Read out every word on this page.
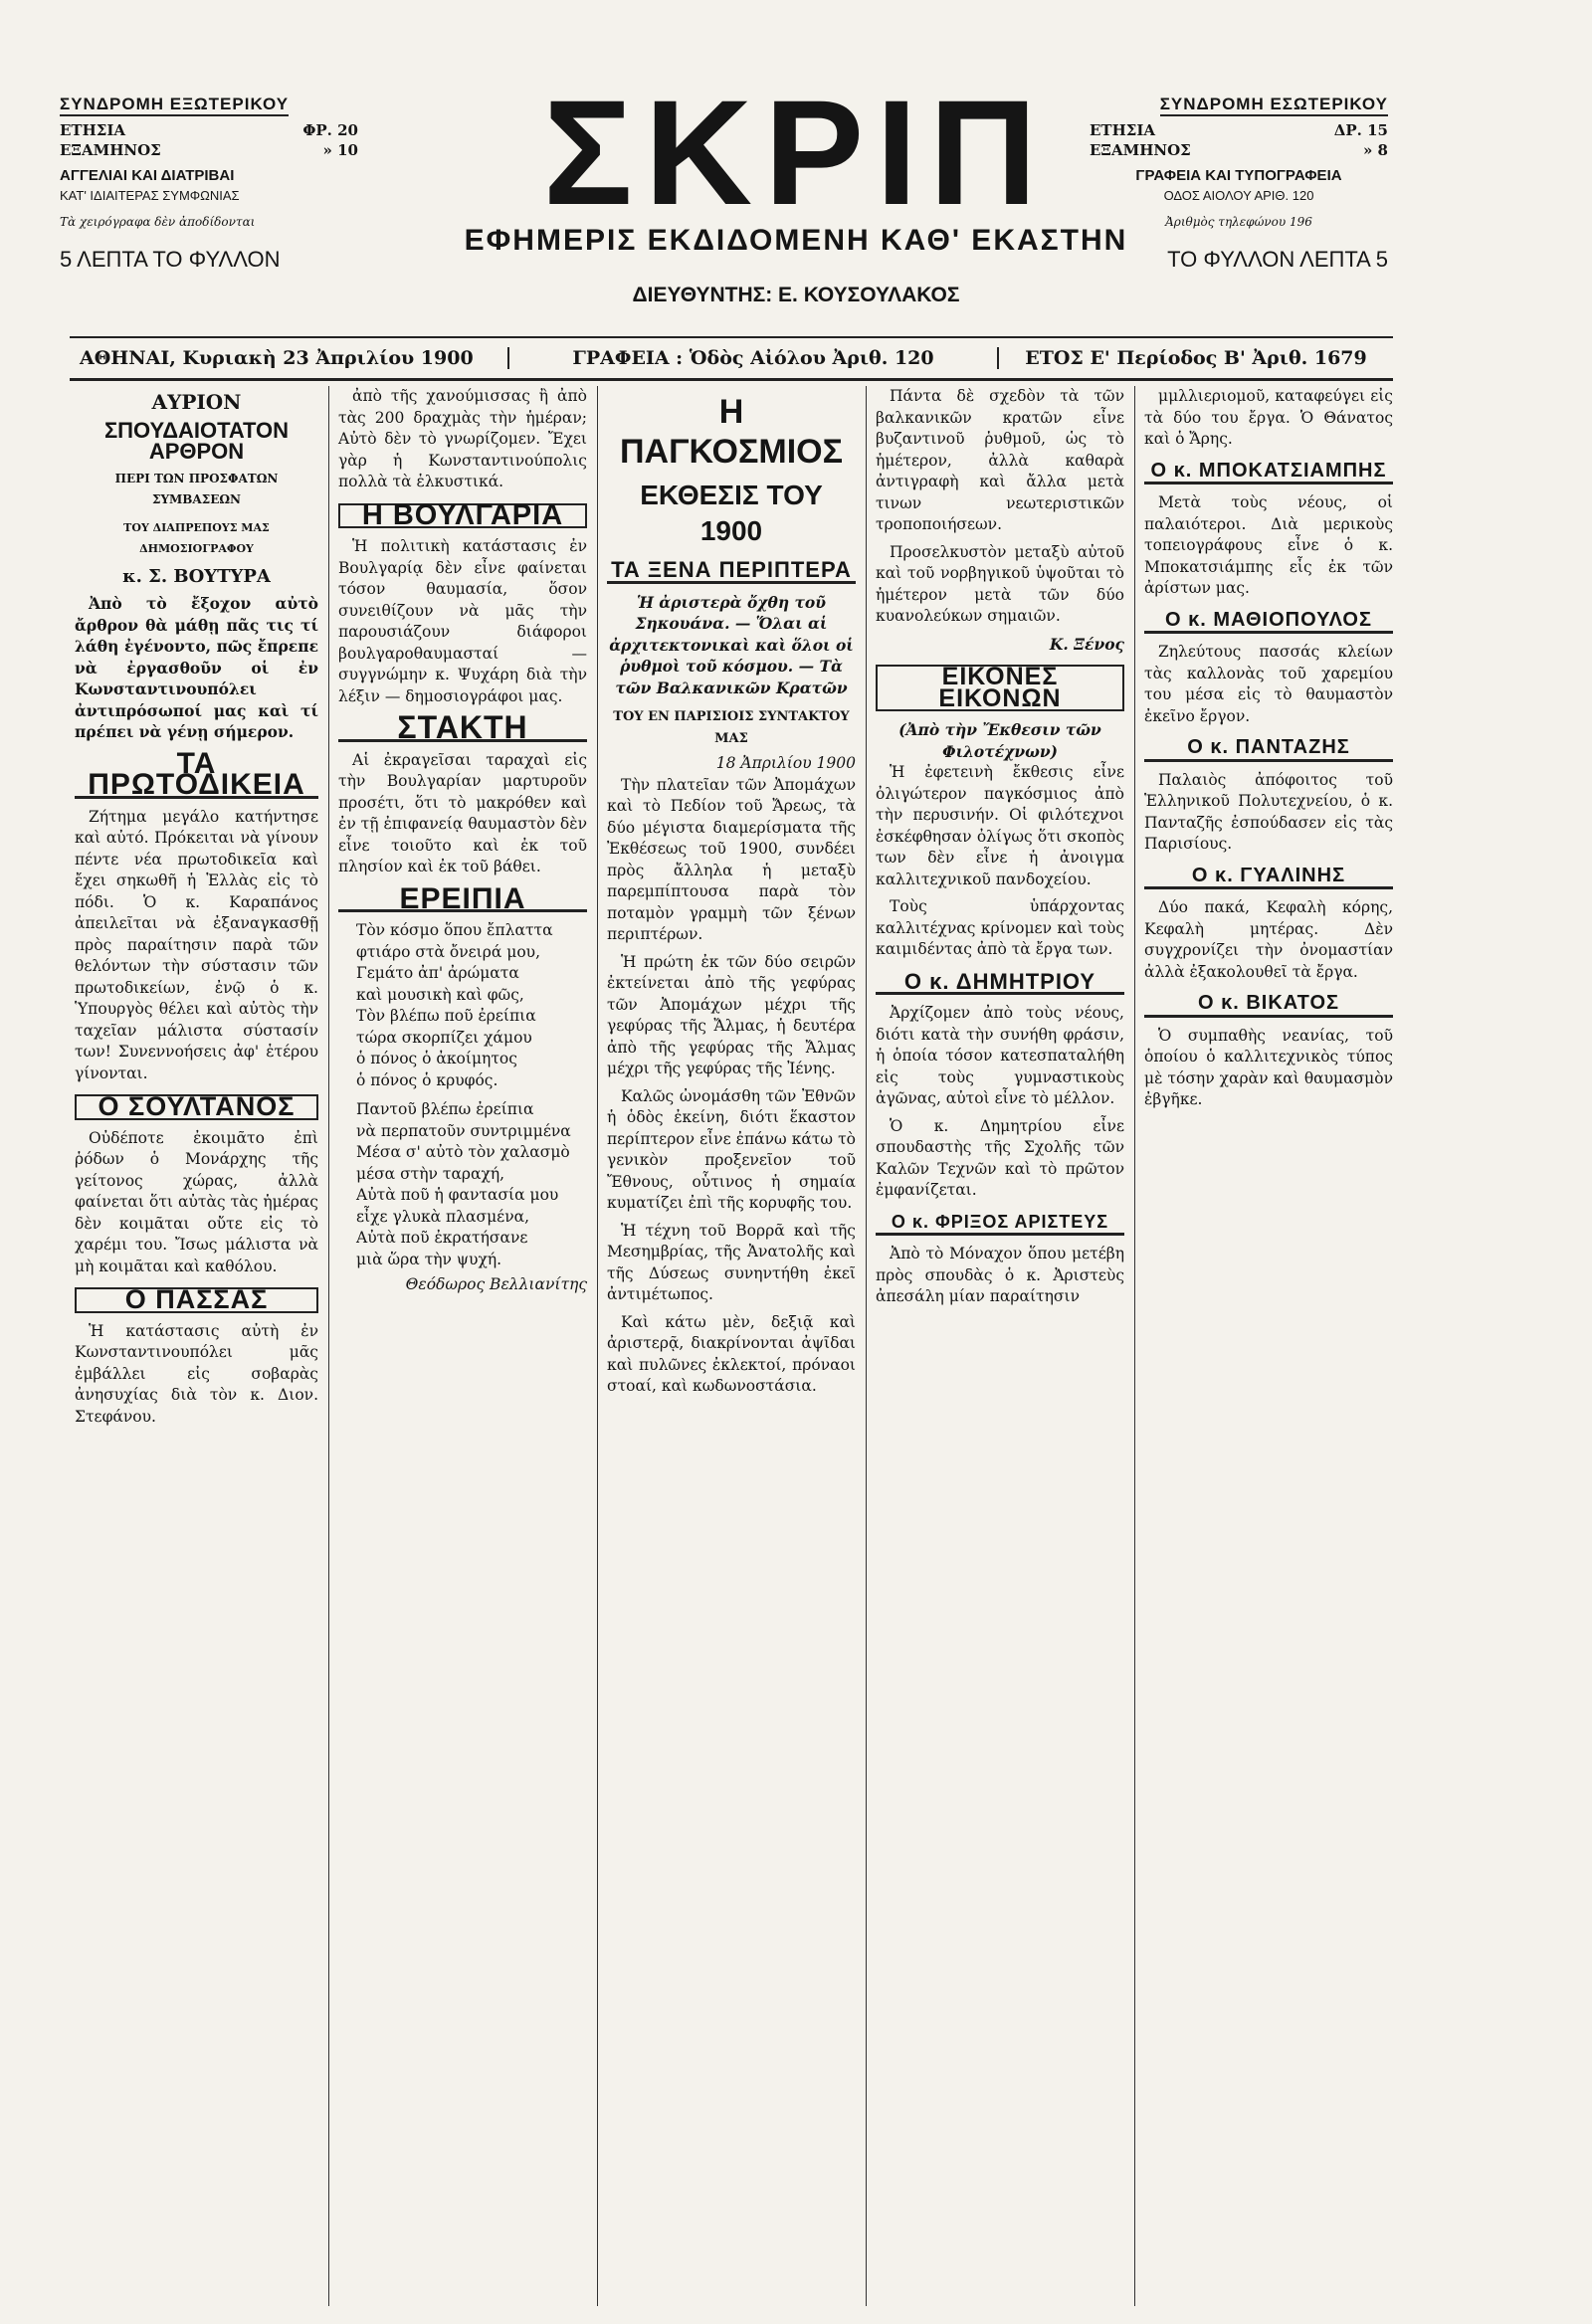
ΣΥΝΔΡΟΜΗ ΕΞΩΤΕΡΙΚΟΥ
ΕΤΗΣΙΑ	ΦΡ. 20
ΕΞΑΜΗΝΟΣ	» 10
ΑΓΓΕΛΙΑΙ ΚΑΙ ΔΙΑΤΡΙΒΑΙ
ΚΑΤ' ΙΔΙΑΙΤΕΡΑΣ ΣΥΜΦΩΝΙΑΣ
Τὰ χειρόγραφα δὲν ἀποδίδονται
5 ΛΕΠΤΑ ΤΟ ΦΥΛΛΟΝ
ΣΚΡΙΠ
ΕΦΗΜΕΡΙΣ ΕΚΔΙΔΟΜΕΝΗ ΚΑΘ' ΕΚΑΣΤΗΝ
ΔΙΕΥΘΥΝΤΗΣ: Ε. ΚΟΥΣΟΥΛΑΚΟΣ
ΣΥΝΔΡΟΜΗ ΕΣΩΤΕΡΙΚΟΥ
ΕΤΗΣΙΑ	ΔΡ. 15
ΕΞΑΜΗΝΟΣ	» 8
ΓΡΑΦΕΙΑ ΚΑΙ ΤΥΠΟΓΡΑΦΕΙΑ
ΟΔΟΣ ΑΙΟΛΟΥ ΑΡΙΘ. 120
Ἀριθμὸς τηλεφώνου 196
ΤΟ ΦΥΛΛΟΝ ΛΕΠΤΑ 5
ΑΘΗΝΑΙ, Κυριακὴ 23 Ἀπριλίου 1900	ΓΡΑΦΕΙΑ : Ὁδὸς Αἰόλου Ἀριθ. 120	ΕΤΟΣ Ε' Περίοδος Β' Ἀριθ. 1679
ΑΥΡΙΟΝ
ΣΠΟΥΔΑΙΟΤΑΤΟΝ ΑΡΘΡΟΝ
ΠΕΡΙ ΤΩΝ ΠΡΟΣΦΑΤΩΝ ΣΥΜΒΑΣΕΩΝ
ΤΟΥ ΔΙΑΠΡΕΠΟΥΣ ΜΑΣ ΔΗΜΟΣΙΟΓΡΑΦΟΥ
κ. Σ. ΒΟΥΤΥΡΑ

Ἀπὸ τὸ ἔξοχον αὐτὸ ἄρθρον θὰ μάθῃ πᾶς τις τί λάθη ἐγένοντο, πῶς ἔπρεπε νὰ ἐργασθοῦν οἱ ἐν Κωνσταντινουπόλει ἀντιπρόσωποί μας καὶ τί πρέπει νὰ γένῃ σήμερον.

ΤΑ ΠΡΩΤΟΔΙΚΕΙΑ

Ζήτημα μεγάλο κατήντησε καὶ αὐτό. Πρόκειται νὰ γίνουν πέντε νέα πρωτοδικεῖα καὶ ἔχει σηκωθῆ ἡ Ἑλλὰς εἰς τὸ πόδι. Ὁ κ. Καραπάνος ἀπειλεῖται νὰ ἐξαναγκασθῇ πρὸς παραίτησιν παρὰ τῶν θελόντων τὴν σύστασιν τῶν πρωτοδικείων, ἐνῷ ὁ κ. Ὑπουργὸς θέλει καὶ αὐτὸς τὴν ταχεῖαν μάλιστα σύστασίν των! Συνεννοήσεις ἀφ' ἑτέρου γίνονται.

Ο ΣΟΥΛΤΑΝΟΣ

Οὐδέποτε ἐκοιμᾶτο ἐπὶ ῥόδων ὁ Μονάρχης τῆς γείτονος χώρας, ἀλλὰ φαίνεται ὅτι αὐτὰς τὰς ἡμέρας δὲν κοιμᾶται οὔτε εἰς τὸ χαρέμι του. Ἴσως μάλιστα νὰ μὴ κοιμᾶται καὶ καθόλου.

Ο ΠΑΣΣΑΣ

Ἡ κατάστασις αὐτὴ ἐν Κωνσταντινουπόλει μᾶς ἐμβάλλει εἰς σοβαρὰς ἀνησυχίας διὰ τὸν κ. Διον. Στεφάνου.

ἀπὸ τῆς χανούμισσας ἢ ἀπὸ τὰς 200 δραχμὰς τὴν ἡμέραν; Αὐτὸ δὲν τὸ γνωρίζομεν. Ἔχει γὰρ ἡ Κωνσταντινούπολις πολλὰ τὰ ἑλκυστικά.

Η ΒΟΥΛΓΑΡΙΑ

Ἡ πολιτικὴ κατάστασις ἐν Βουλγαρίᾳ δὲν εἶνε φαίνεται τόσον θαυμασία, ὅσον συνειθίζουν νὰ μᾶς τὴν παρουσιάζουν διάφοροι βουλγαροθαυμασταί — συγγνώμην κ. Ψυχάρη διὰ τὴν λέξιν — δημοσιογράφοι μας.

ΣΤΑΚΤΗ

Αἱ ἐκραγεῖσαι ταραχαὶ εἰς τὴν Βουλγαρίαν μαρτυροῦν προσέτι, ὅτι τὸ μακρόθεν καὶ ἐν τῇ ἐπιφανείᾳ θαυμαστὸν δὲν εἶνε τοιοῦτο καὶ ἐκ τοῦ πλησίον καὶ ἐκ τοῦ βάθει.

ΕΡΕΙΠΙΑ
Τὸν κόσμο ὅπου ἔπλαττα
φτιάρο στὰ ὄνειρά μου,
Γεμάτο ἀπ' ἀρώματα
καὶ μουσικὴ καὶ φῶς,
Τὸν βλέπω ποῦ ἐρείπια
τώρα σκορπίζει χάμου
ὁ πόνος ὁ ἀκοίμητος
ὁ πόνος ὁ κρυφός.
Παντοῦ βλέπω ἐρείπια
νὰ περπατοῦν συντριμμένα
Μέσα σ' αὐτὸ τὸν χαλασμὸ
μέσα στὴν ταραχή,
Αὐτὰ ποῦ ἡ φαντασία μου
εἶχε γλυκὰ πλασμένα,
Αὐτὰ ποῦ ἐκρατήσανε
μιὰ ὥρα τὴν ψυχή.
Θεόδωρος Βελλιανίτης
Η ΠΑΓΚΟΣΜΙΟΣ
ΕΚΘΕΣΙΣ ΤΟΥ 1900
ΤΑ ΞΕΝΑ ΠΕΡΙΠΤΕΡΑ
Ἡ ἀριστερὰ ὄχθη τοῦ Σηκουάνα. — Ὅλαι αἱ ἀρχιτεκτονικαὶ καὶ ὅλοι οἱ ῥυθμοὶ τοῦ κόσμου. — Τὰ τῶν Βαλκανικῶν Κρατῶν
ΤΟΥ ΕΝ ΠΑΡΙΣΙΟΙΣ ΣΥΝΤΑΚΤΟΥ ΜΑΣ
18 Ἀπριλίου 1900

Τὴν πλατεῖαν τῶν Ἀπομάχων καὶ τὸ Πεδίον τοῦ Ἄρεως, τὰ δύο μέγιστα διαμερίσματα τῆς Ἐκθέσεως τοῦ 1900, συνδέει πρὸς ἄλληλα ἡ μεταξὺ παρεμπίπτουσα παρὰ τὸν ποταμὸν γραμμὴ τῶν ξένων περιπτέρων.

Ἡ πρώτη ἐκ τῶν δύο σειρῶν ἐκτείνεται ἀπὸ τῆς γεφύρας τῶν Ἀπομάχων μέχρι τῆς γεφύρας τῆς Ἄλμας, ἡ δευτέρα ἀπὸ τῆς γεφύρας τῆς Ἄλμας μέχρι τῆς γεφύρας τῆς Ἰένης.

Καλῶς ὠνομάσθη τῶν Ἐθνῶν ἡ ὁδὸς ἐκείνη, διότι ἕκαστον περίπτερον εἶνε ἐπάνω κάτω τὸ γενικὸν προξενεῖον τοῦ Ἔθνους, οὗτινος ἡ σημαία κυματίζει ἐπὶ τῆς κορυφῆς του.

Ἡ τέχνη τοῦ Βορρᾶ καὶ τῆς Μεσημβρίας, τῆς Ἀνατολῆς καὶ τῆς Δύσεως συνηντήθη ἐκεῖ ἀντιμέτωπος.

Καὶ κάτω μὲν, δεξιᾷ καὶ ἀριστερᾷ, διακρίνονται ἀψῖδαι καὶ πυλῶνες ἐκλεκτοί, πρόναοι στοαί, καὶ κωδωνοστάσια.

Πάντα δὲ σχεδὸν τὰ τῶν βαλκανικῶν κρατῶν εἶνε βυζαντινοῦ ῥυθμοῦ, ὡς τὸ ἡμέτερον, ἀλλὰ καθαρὰ ἀντιγραφὴ καὶ ἄλλα μετὰ τινων νεωτεριστικῶν τροποποιήσεων.

Προσελκυστὸν μεταξὺ αὐτοῦ καὶ τοῦ νορβηγικοῦ ὑψοῦται τὸ ἡμέτερον μετὰ τῶν δύο κυανολεύκων σημαιῶν.

Κ. Ξένος
ΕΙΚΟΝΕΣ ΕΙΚΟΝΩΝ
(Ἀπὸ τὴν Ἔκθεσιν τῶν Φιλοτέχνων)

Ἡ ἐφετεινὴ ἔκθεσις εἶνε ὀλιγώτερον παγκόσμιος ἀπὸ τὴν περυσινήν. Οἱ φιλότεχνοι ἐσκέφθησαν ὀλίγως ὅτι σκοπὸς των δὲν εἶνε ἡ ἀνοιγμα καλλιτεχνικοῦ πανδοχείου.

Τοὺς ὑπάρχοντας καλλιτέχνας κρίνομεν καὶ τοὺς καιμιδέντας ἀπὸ τὰ ἔργα των.

Ο κ. ΔΗΜΗΤΡΙΟΥ

Ἀρχίζομεν ἀπὸ τοὺς νέους, διότι κατὰ τὴν συνήθη φράσιν, ἡ ὁποία τόσον κατεσπαταλήθη εἰς τοὺς γυμναστικοὺς ἀγῶνας, αὐτοὶ εἶνε τὸ μέλλον.

Ὁ κ. Δημητρίου εἶνε σπουδαστὴς τῆς Σχολῆς τῶν Καλῶν Τεχνῶν καὶ τὸ πρῶτον ἐμφανίζεται.

Ο κ. ΦΡΙΞΟΣ ΑΡΙΣΤΕΥΣ

Ἀπὸ τὸ Μόναχον ὅπου μετέβη πρὸς σπουδὰς ὁ κ. Ἀριστεὺς ἀπεσάλη μίαν παραίτησιν

μμλλιεριομοῦ, καταφεύγει εἰς τὰ δύο του ἔργα. Ὁ Θάνατος καὶ ὁ Ἄρης.

Ο κ. ΜΠΟΚΑΤΣΙΑΜΠΗΣ

Μετὰ τοὺς νέους, οἱ παλαιότεροι. Διὰ μερικοὺς τοπειογράφους εἶνε ὁ κ. Μποκατσιάμπης εἷς ἐκ τῶν ἀρίστων μας.

Ο κ. ΜΑΘΙΟΠΟΥΛΟΣ

Ζηλεύτους πασσάς κλείων τὰς καλλονὰς τοῦ χαρεμίου του μέσα εἰς τὸ θαυμαστὸν ἐκεῖνο ἔργον.

Ο κ. ΠΑΝΤΑΖΗΣ

Παλαιὸς ἀπόφοιτος τοῦ Ἑλληνικοῦ Πολυτεχνείου, ὁ κ. Πανταζῆς ἐσπούδασεν εἰς τὰς Παρισίους.

Ο κ. ΓΥΑΛΙΝΗΣ

Δύο πακά, Κεφαλὴ κόρης, Κεφαλὴ μητέρας. Δὲν συγχρονίζει τὴν ὀνομαστίαν ἀλλὰ ἐξακολουθεῖ τὰ ἔργα.

Ο κ. ΒΙΚΑΤΟΣ

Ὁ συμπαθὴς νεανίας, τοῦ ὁποίου ὁ καλλιτεχνικὸς τύπος μὲ τόσην χαρὰν καὶ θαυμασμὸν ἐβγῆκε.
